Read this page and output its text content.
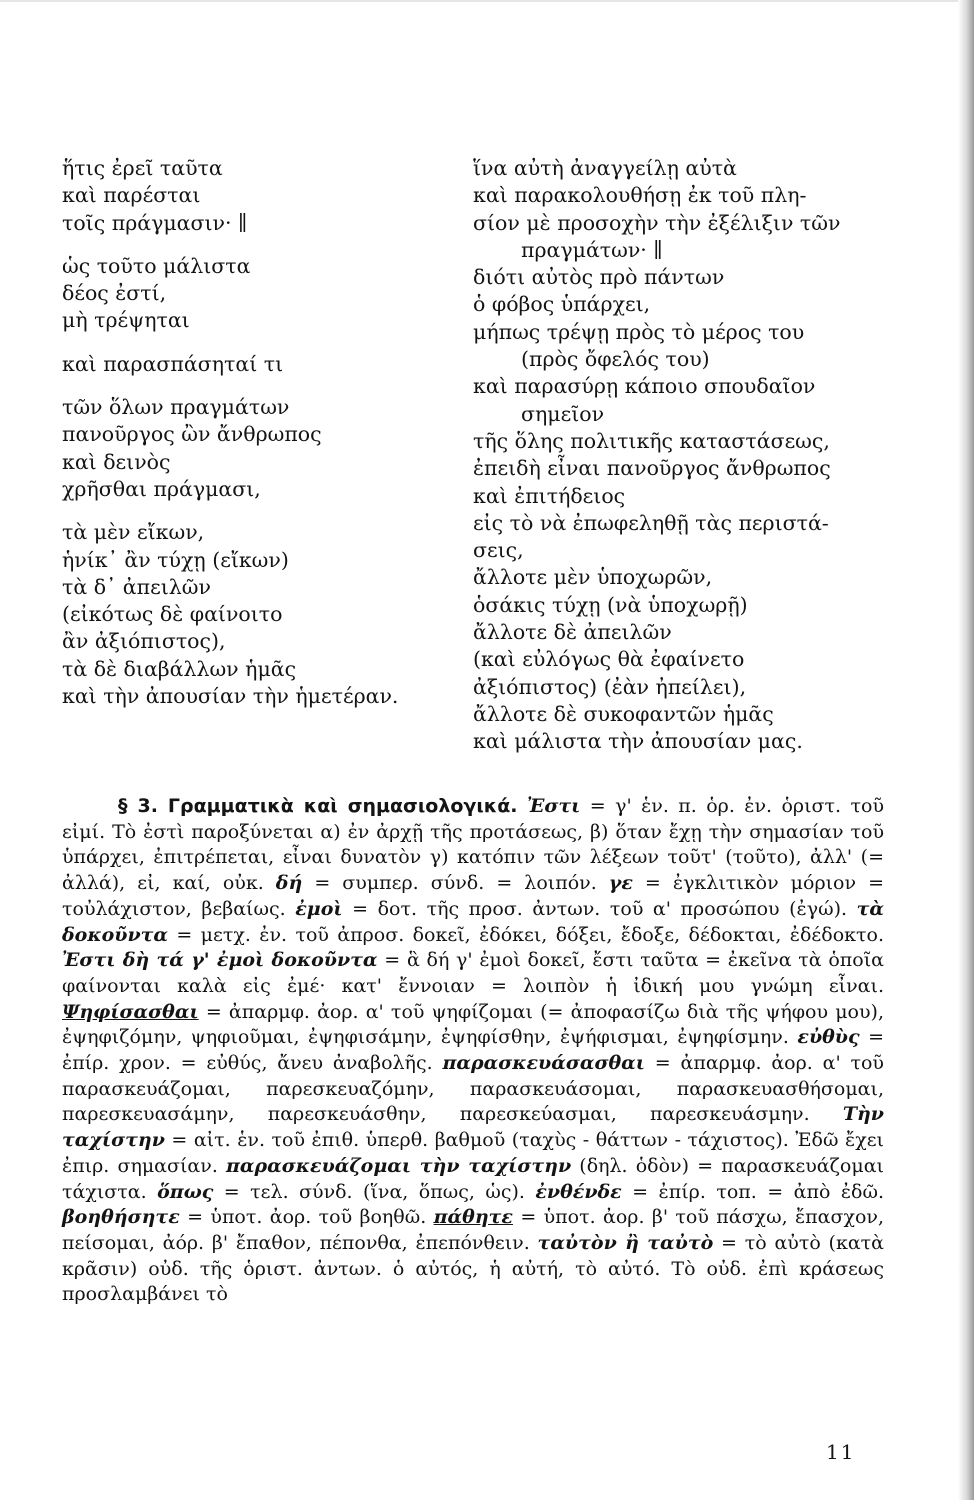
ἥτις ἐρεῖ ταῦτα
καὶ παρέσται
τοῖς πράγμασιν· ∥
ὡς τοῦτο μάλιστα
δέος ἐστί,
μὴ τρέψηται
καὶ παρασπάσηταί τι
τῶν ὅλων πραγμάτων
πανοῦργος ὢν ἄνθρωπος
καὶ δεινὸς
χρῆσθαι πράγμασι,
τὰ μὲν εἴκων,
ἡνίκ᾽ ἂν τύχῃ (εἴκων)
τὰ δ᾽ ἀπειλῶν
(εἰκότως δὲ φαίνοιτο
ἂν ἀξιόπιστος),
τὰ δὲ διαβάλλων ἡμᾶς
καὶ τὴν ἀπουσίαν τὴν ἡμετέραν.
ἵνα αὐτὴ ἀναγγείλῃ αὐτὰ
καὶ παρακολουθήσῃ ἐκ τοῦ πλη-
σίον μὲ προσοχὴν τὴν ἐξέλιξιν τῶν
πραγμάτων· ∥
διότι αὐτὸς πρὸ πάντων
ὁ φόβος ὑπάρχει,
μήπως τρέψῃ πρὸς τὸ μέρος του
(πρὸς ὄφελός του)
καὶ παρασύρῃ κάποιο σπουδαῖον
σημεῖον
τῆς ὅλης πολιτικῆς καταστάσεως,
ἐπειδὴ εἶναι πανοῦργος ἄνθρωπος
καὶ ἐπιτήδειος
εἰς τὸ νὰ ἐπωφεληθῇ τὰς περιστά-
σεις,
ἄλλοτε μὲν ὑποχωρῶν,
ὁσάκις τύχῃ (νὰ ὑποχωρῇ)
ἄλλοτε δὲ ἀπειλῶν
(καὶ εὐλόγως θὰ ἐφαίνετο
ἀξιόπιστος) (ἐὰν ἠπείλει),
ἄλλοτε δὲ συκοφαντῶν ἡμᾶς
καὶ μάλιστα τὴν ἀπουσίαν μας.

§ 3. Γραμματικὰ καὶ σημασιολογικά. Ἐστι = γ' ἑν. π. ὁρ. ἐν. ὁριστ. τοῦ εἰμί. Τὸ ἐστὶ παροξύνεται α) ἐν ἀρχῇ τῆς προτάσεως, β) ὅταν ἔχῃ τὴν σημασίαν τοῦ ὑπάρχει, ἐπιτρέπεται, εἶναι δυνατὸν γ) κατόπιν τῶν λέξεων τοῦτ' (τοῦτο), ἀλλ' (= ἀλλά), εἰ, καί, οὐκ. δή = συμπερ. σύνδ. = λοιπόν. γε = ἐγκλιτικὸν μόριον = τοὐλάχιστον, βεβαίως. ἐμοὶ = δοτ. τῆς προσ. ἀντων. τοῦ α' προσώπου (ἐγώ). τὰ δοκοῦντα = μετχ. ἐν. τοῦ ἀπροσ. δοκεῖ, ἐδόκει, δόξει, ἔδοξε, δέδοκται, ἐδέδοκτο. Ἐστι δὴ τά γ' ἐμοὶ δοκοῦντα = ἃ δή γ' ἐμοὶ δοκεῖ, ἔστι ταῦτα = ἐκεῖνα τὰ ὁποῖα φαίνονται καλὰ εἰς ἐμέ· κατ' ἔννοιαν = λοιπὸν ἡ ἰδική μου γνώμη εἶναι. Ψηφίσασθαι = ἀπαρμφ. ἀορ. α' τοῦ ψηφίζομαι (= ἀποφασίζω διὰ τῆς ψήφου μου), ἐψηφιζόμην, ψηφιοῦμαι, ἐψηφισάμην, ἐψηφίσθην, ἐψήφισμαι, ἐψηφίσμην. εὐθὺς = ἐπίρ. χρον. = εὐθύς, ἄνευ ἀναβολῆς. παρασκευάσασθαι = ἀπαρμφ. ἀορ. α' τοῦ παρασκευάζομαι, παρεσκευαζόμην, παρασκευάσομαι, παρασκευασθήσομαι, παρεσκευασάμην, παρεσκευάσθην, παρεσκεύασμαι, παρεσκευάσμην. Τὴν ταχίστην = αἰτ. ἑν. τοῦ ἐπιθ. ὑπερθ. βαθμοῦ (ταχὺς - θάττων - τάχιστος). Ἐδῶ ἔχει ἐπιρ. σημασίαν. παρασκευάζομαι τὴν ταχίστην (δηλ. ὁδὸν) = παρασκευάζομαι τάχιστα. ὅπως = τελ. σύνδ. (ἵνα, ὅπως, ὡς). ἐνθένδε = ἐπίρ. τοπ. = ἀπὸ ἐδῶ. βοηθήσητε = ὑποτ. ἀορ. τοῦ βοηθῶ. πάθητε = ὑποτ. ἀορ. β' τοῦ πάσχω, ἔπασχον, πείσομαι, ἀόρ. β' ἔπαθον, πέπονθα, ἐπεπόνθειν. ταὐτὸν ἢ ταὐτὸ = τὸ αὐτὸ (κατὰ κρᾶσιν) οὐδ. τῆς ὁριστ. ἀντων. ὁ αὐτός, ἡ αὐτή, τὸ αὐτό. Τὸ οὐδ. ἐπὶ κράσεως προσλαμβάνει τὸ

11
